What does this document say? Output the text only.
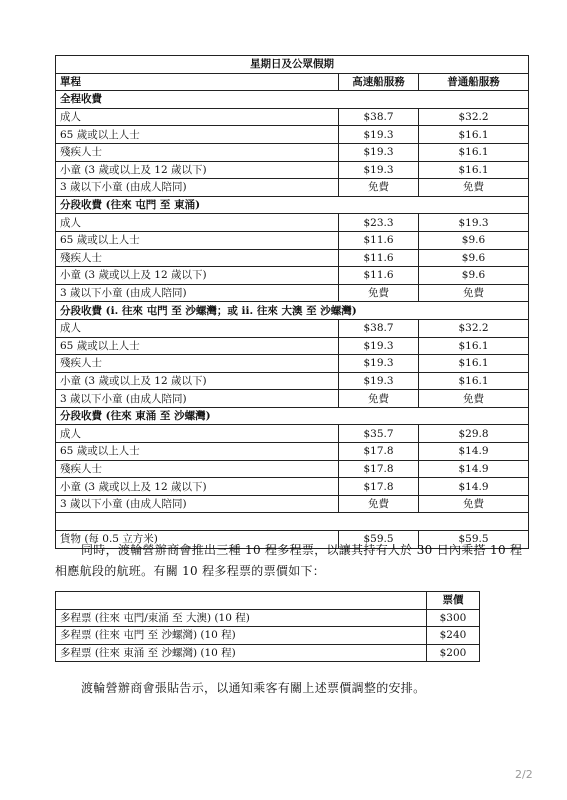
星期日及公眾假期		
單程	高速船服務	普通船服務
全程收費		
成人	$38.7	$32.2
65 歲或以上人士	$19.3	$16.1
殘疾人士	$19.3	$16.1
小童 (3 歲或以上及 12 歲以下)	$19.3	$16.1
3 歲以下小童 (由成人陪同)	免費	免費
分段收費 (往來 屯門 至 東涌)		
成人	$23.3	$19.3
65 歲或以上人士	$11.6	$9.6
殘疾人士	$11.6	$9.6
小童 (3 歲或以上及 12 歲以下)	$11.6	$9.6
3 歲以下小童 (由成人陪同)	免費	免費
分段收費 (i. 往來 屯門 至 沙螺灣；或 ii. 往來 大澳 至 沙螺灣)		
成人	$38.7	$32.2
65 歲或以上人士	$19.3	$16.1
殘疾人士	$19.3	$16.1
小童 (3 歲或以上及 12 歲以下)	$19.3	$16.1
3 歲以下小童 (由成人陪同)	免費	免費
分段收費 (往來 東涌 至 沙螺灣)		
成人	$35.7	$29.8
65 歲或以上人士	$17.8	$14.9
殘疾人士	$17.8	$14.9
小童 (3 歲或以上及 12 歲以下)	$17.8	$14.9
3 歲以下小童 (由成人陪同)	免費	免費

貨物 (每 0.5 立方米)	$59.5	$59.5
同時，渡輪營辦商會推出三種 10 程多程票，以讓其持有人於 30 日內乘搭 10 程相應航段的航班。有關 10 程多程票的票價如下：
	票價
多程票 (往來 屯門/東涌 至 大澳) (10 程)	$300
多程票 (往來 屯門 至 沙螺灣) (10 程)	$240
多程票 (往來 東涌 至 沙螺灣) (10 程)	$200
渡輪營辦商會張貼告示，以通知乘客有關上述票價調整的安排。
2/2
